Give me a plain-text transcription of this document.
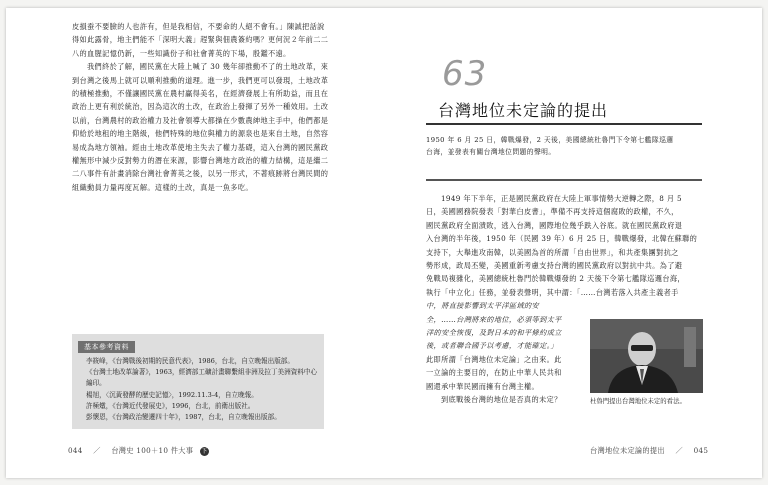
皮損蚕不要臉的人也許有，但是我相信，不要命的人絕不會有。」陳誠把話說
得如此露骨，地主們能不「深明大義」趕緊與佃農簽約嗎？更何況２年前二二
八的血腥記憶仍新，一些知識份子和社會菁英的下場，殷鑑不遠。
我們終於了解，國民黨在大陸上喊了 30 幾年卻推動不了的土地改革，來
到台灣之後馬上就可以順利推動的道理。進一步，我們更可以發現，土地改革
的積極推動，不僅讓國民黨在農村贏得美名，在經濟發展上有所助益，而且在
政治上更有利於統治，因為這次的土改，在政治上發揮了另外一種效用。土改
以前，台灣農村的政治權力及社會領導大都操在少數農紳地主手中，他們都是
仰給於地租的地主階級，他們特殊的地位與權力的源泉也是來自土地，自然容
易成為地方領袖。經由土地改革使地主失去了權力基礎，這入台灣的國民黨政
權無形中減少反對勢力的潛在來源，影響台灣地方政治的權力結構，這是繼二
二八事件有計畫消除台灣社會菁英之後，以另一形式，不著痕跡將台灣民間的
組織動員力量再度瓦解。這樣的土改，真是一魚多吃。
基本參考資料
李筱峰，《台灣戰後初期的民意代表》，1986，台北，自立晚報出版部。
《台灣土地改革論著》，1963，經濟部工礦計畫聯繫組非洲及拉丁美洲資料中心
編印。
楊旭，〈沉黃發酵的歷史記憶〉，1992.11.3-4，自立晚報。
許極燉，《台灣近代發展史》，1996，台北，前衛出版社。
彭懷恩，《台灣政治變遷四十年》，1987，台北，自立晚報出版部。
044 ／ 台灣史 100＋10 件大事 下
63
台灣地位未定論的提出
1950 年 6 月 25 日，韓戰爆發，2 天後，美國總統杜魯門下令第七艦隊巡邏
台海，並發表有關台灣地位問題的聲明。
1949 年下半年，正是國民黨政府在大陸上軍事情勢大逆轉之際，8 月 5
日，美國國務院發表「對華白皮書」，準備不再支持這個腐敗的政權，不久，
國民黨政府全面潰敗，逃入台灣，國際地位幾乎跌入谷底。就在國民黨政府退
入台灣的半年後，1950 年（民國 39 年）6 月 25 日，韓戰爆發，北韓在蘇聯的
支持下，大舉進攻南韓，以美國為首的所謂「自由世界」，和共產集團對抗之
勢形成，政局丕變，美國重新考慮支持台灣的國民黨政府以對抗中共。為了避
免戰局複雜化，美國總統杜魯門於韓戰爆發的 2 天後下令第七艦隊巡邏台海，
執行「中立化」任務，並發表聲明，其中謂：「……台灣若落入共產主義者手
中，將直接影響到太平洋區域的安
全，……台灣將來的地位，必須等到太平
洋的安全恢復，及對日本的和平條約成立
後，或者聯合國予以考慮，才能確定。」
此即所謂「台灣地位未定論」之由來。此
一立論的主要目的，在防止中華人民共和
國還承中華民國而擁有台灣主權。
到底戰後台灣的地位是否真的未定？	杜魯門提出台灣地位未定的看法。
台灣地位未定論的提出 ／ 045
